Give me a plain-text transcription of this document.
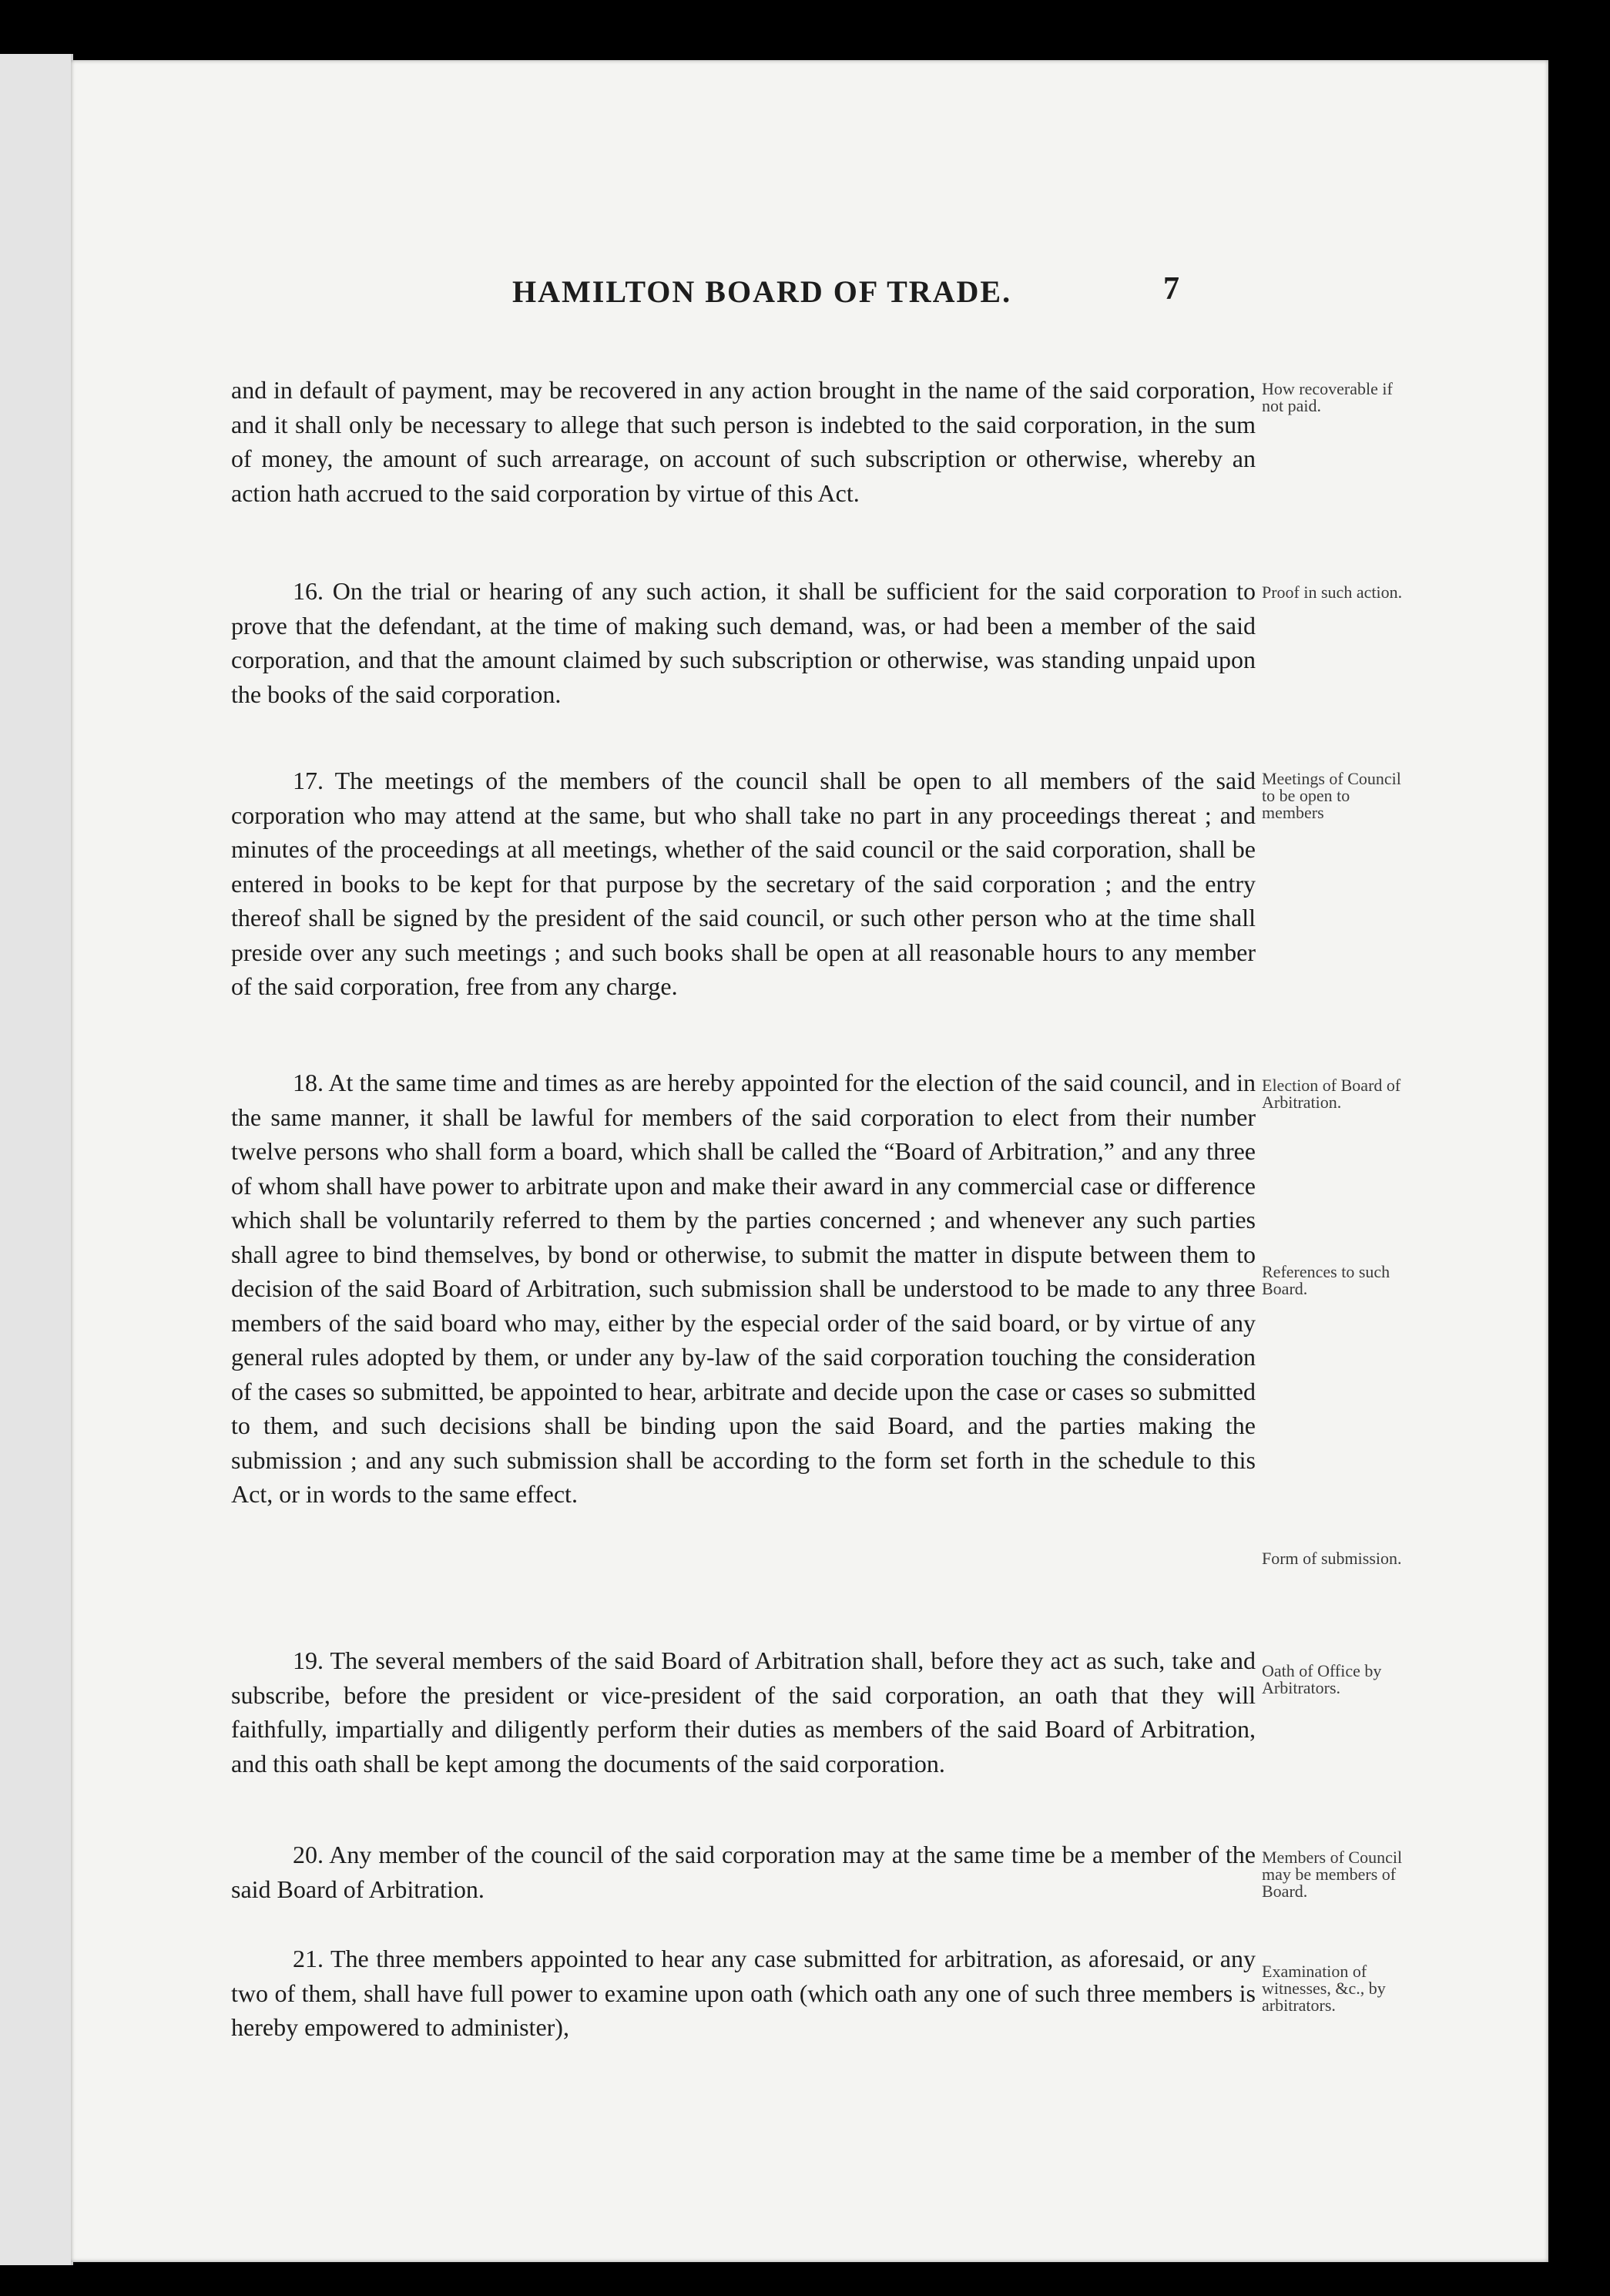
HAMILTON BOARD OF TRADE.	7

and in default of payment, may be recovered in any action brought in the name of the said corporation, and it shall only be necessary to allege that such person is indebted to the said corporation, in the sum of money, the amount of such arrearage, on account of such subscription or otherwise, whereby an action hath accrued to the said corporation by virtue of this Act.

16. On the trial or hearing of any such action, it shall be sufficient for the said corporation to prove that the defendant, at the time of making such demand, was, or had been a member of the said corporation, and that the amount claimed by such subscription or otherwise, was standing unpaid upon the books of the said corporation.

17. The meetings of the members of the council shall be open to all members of the said corporation who may attend at the same, but who shall take no part in any proceedings thereat ; and minutes of the proceedings at all meetings, whether of the said council or the said corporation, shall be entered in books to be kept for that purpose by the secretary of the said corporation ; and the entry thereof shall be signed by the president of the said council, or such other person who at the time shall preside over any such meetings ; and such books shall be open at all reasonable hours to any member of the said corporation, free from any charge.

18. At the same time and times as are hereby appointed for the election of the said council, and in the same manner, it shall be lawful for members of the said corporation to elect from their number twelve persons who shall form a board, which shall be called the “Board of Arbitration,” and any three of whom shall have power to arbitrate upon and make their award in any commercial case or difference which shall be voluntarily referred to them by the parties concerned ; and whenever any such parties shall agree to bind themselves, by bond or otherwise, to submit the matter in dispute between them to decision of the said Board of Arbitration, such submission shall be understood to be made to any three members of the said board who may, either by the especial order of the said board, or by virtue of any general rules adopted by them, or under any by-law of the said corporation touching the consideration of the cases so submitted, be appointed to hear, arbitrate and decide upon the case or cases so submitted to them, and such decisions shall be binding upon the said Board, and the parties making the submission ; and any such submission shall be according to the form set forth in the schedule to this Act, or in words to the same effect.

19. The several members of the said Board of Arbitration shall, before they act as such, take and subscribe, before the president or vice-president of the said corporation, an oath that they will faithfully, impartially and diligently perform their duties as members of the said Board of Arbitration, and this oath shall be kept among the documents of the said corporation.

20. Any member of the council of the said corporation may at the same time be a member of the said Board of Arbitration.

21. The three members appointed to hear any case submitted for arbitration, as aforesaid, or any two of them, shall have full power to examine upon oath (which oath any one of such three members is hereby empowered to administer),

How recoverable if not paid.
Proof in such action.
Meetings of Council to be open to members
Election of Board of Arbitration.
References to such Board.
Form of submission.
Oath of Office by Arbitrators.
Members of Council may be members of Board.
Examination of witnesses, &c., by arbitrators.
